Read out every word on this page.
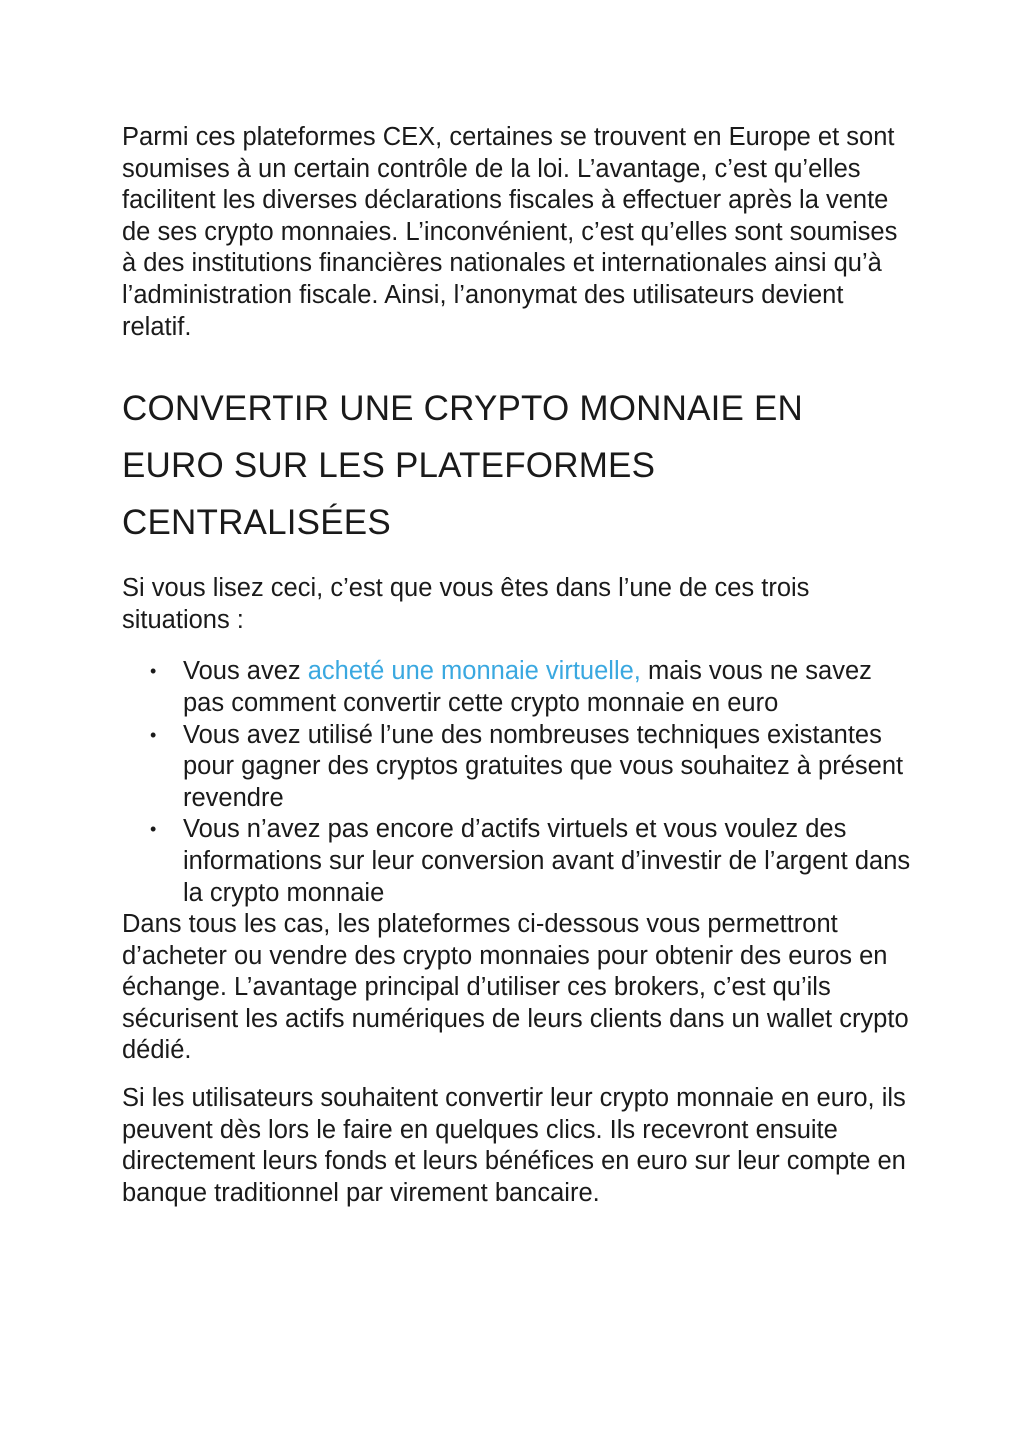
Parmi ces plateformes CEX, certaines se trouvent en Europe et sont soumises à un certain contrôle de la loi. L’avantage, c’est qu’elles facilitent les diverses déclarations fiscales à effectuer après la vente de ses crypto monnaies. L’inconvénient, c’est qu’elles sont soumises à des institutions financières nationales et internationales ainsi qu’à l’administration fiscale. Ainsi, l’anonymat des utilisateurs devient relatif.

CONVERTIR UNE CRYPTO MONNAIE EN EURO SUR LES PLATEFORMES CENTRALISÉES

Si vous lisez ceci, c’est que vous êtes dans l’une de ces trois situations :

• Vous avez acheté une monnaie virtuelle, mais vous ne savez pas comment convertir cette crypto monnaie en euro
• Vous avez utilisé l’une des nombreuses techniques existantes pour gagner des cryptos gratuites que vous souhaitez à présent revendre
• Vous n’avez pas encore d’actifs virtuels et vous voulez des informations sur leur conversion avant d’investir de l’argent dans la crypto monnaie

Dans tous les cas, les plateformes ci-dessous vous permettront d’acheter ou vendre des crypto monnaies pour obtenir des euros en échange. L’avantage principal d’utiliser ces brokers, c’est qu’ils sécurisent les actifs numériques de leurs clients dans un wallet crypto dédié.

Si les utilisateurs souhaitent convertir leur crypto monnaie en euro, ils peuvent dès lors le faire en quelques clics. Ils recevront ensuite directement leurs fonds et leurs bénéfices en euro sur leur compte en banque traditionnel par virement bancaire.
